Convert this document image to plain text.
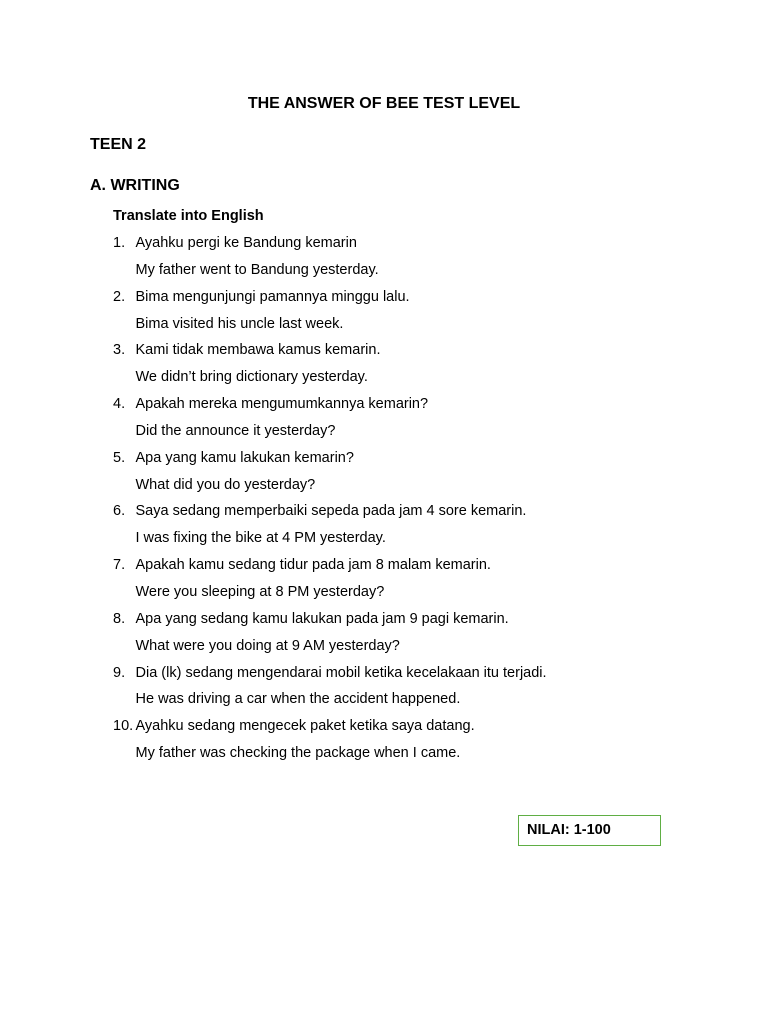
THE ANSWER OF BEE TEST LEVEL
TEEN 2
A. WRITING
Translate into English
1. Ayahku pergi ke Bandung kemarin
My father went to Bandung yesterday.
2. Bima mengunjungi pamannya minggu lalu.
Bima visited his uncle last week.
3. Kami tidak membawa kamus kemarin.
We didn’t bring dictionary yesterday.
4. Apakah mereka mengumumkannya kemarin?
Did the announce it yesterday?
5. Apa yang kamu lakukan kemarin?
What did you do yesterday?
6. Saya sedang memperbaiki sepeda pada jam 4 sore kemarin.
I was fixing the bike at 4 PM yesterday.
7. Apakah kamu sedang tidur pada jam 8 malam kemarin.
Were you sleeping at 8 PM yesterday?
8. Apa yang sedang kamu lakukan pada jam 9 pagi kemarin.
What were you doing at 9 AM yesterday?
9. Dia (lk) sedang mengendarai mobil ketika kecelakaan itu terjadi.
He was driving a car when the accident happened.
10. Ayahku sedang mengecek paket ketika saya datang.
My father was checking the package when I came.
NILAI: 1-100
